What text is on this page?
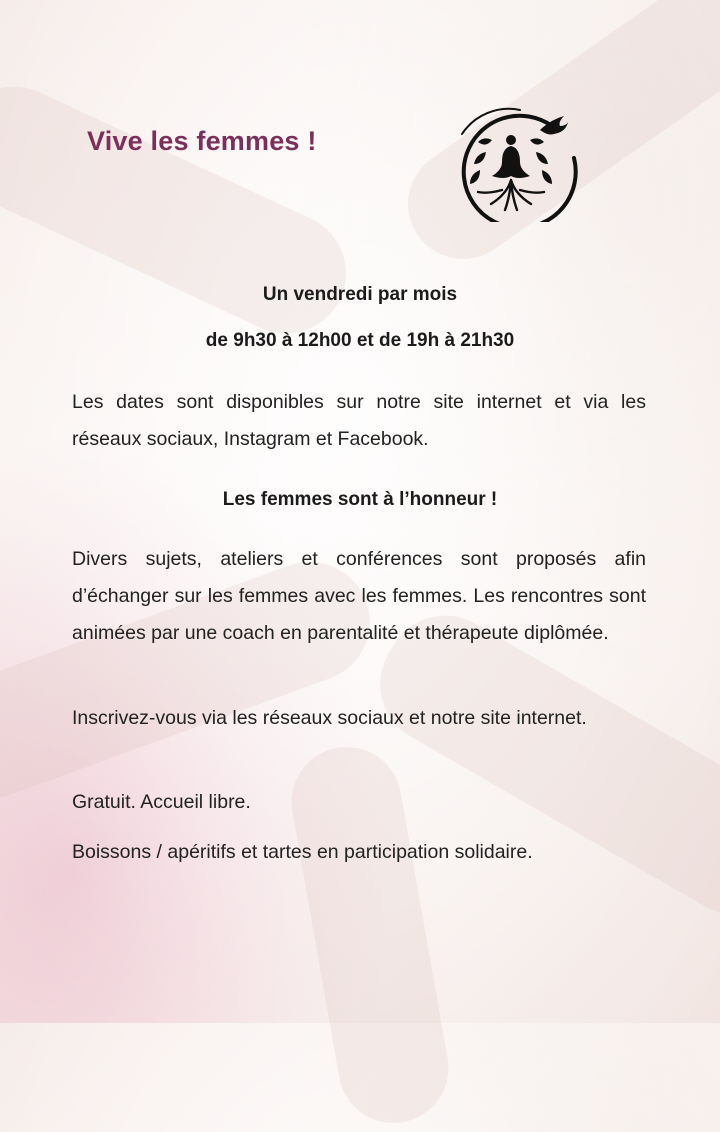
Vive les femmes !
Un vendredi par mois
de 9h30 à 12h00 et de 19h à 21h30

Les dates sont disponibles sur notre site internet et via les réseaux sociaux, Instagram et Facebook.

Les femmes sont à l’honneur !

Divers sujets, ateliers et conférences sont proposés afin d’échanger sur les femmes avec les femmes. Les rencontres sont animées par une coach en parentalité et thérapeute diplômée.

Inscrivez-vous via les réseaux sociaux et notre site internet.

Gratuit. Accueil libre.

Boissons / apéritifs et tartes en participation solidaire.
